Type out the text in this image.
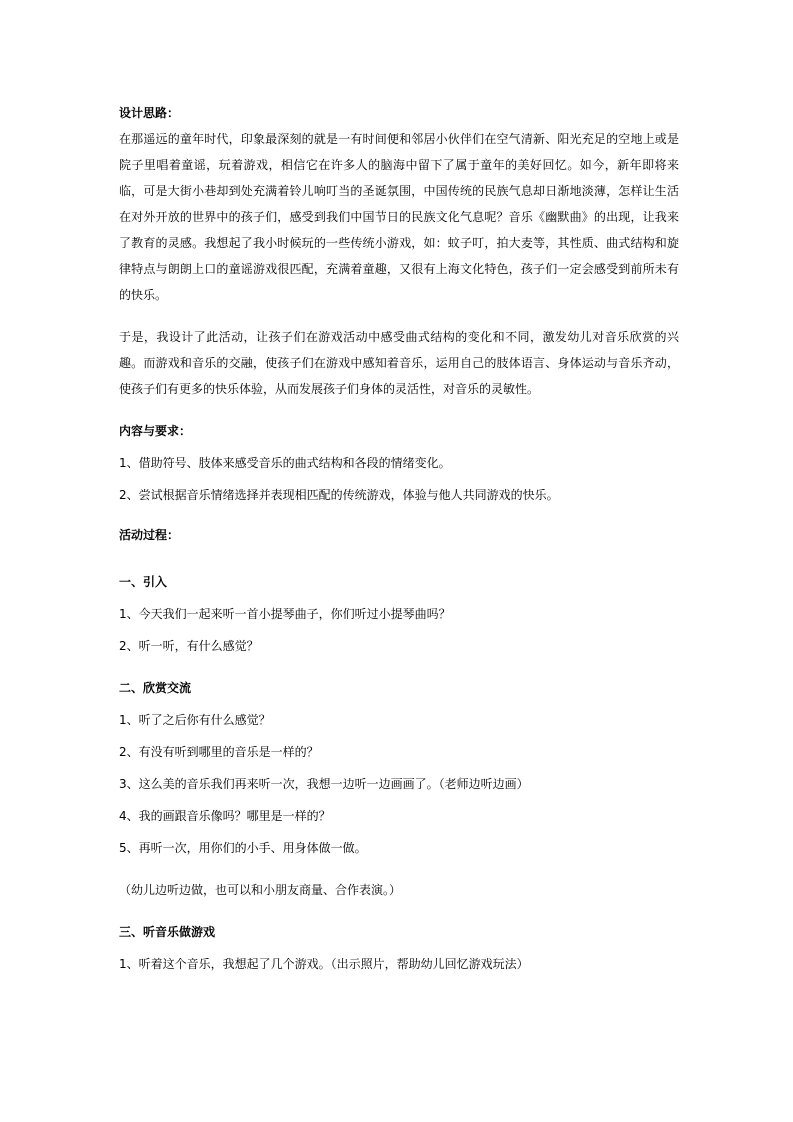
设计思路：
在那遥远的童年时代，印象最深刻的就是一有时间便和邻居小伙伴们在空气清新、阳光充足的空地上或是院子里唱着童谣，玩着游戏，相信它在许多人的脑海中留下了属于童年的美好回忆。如今，新年即将来临，可是大街小巷却到处充满着铃儿响叮当的圣诞氛围，中国传统的民族气息却日渐地淡薄，怎样让生活在对外开放的世界中的孩子们，感受到我们中国节日的民族文化气息呢？音乐《幽默曲》的出现，让我来了教育的灵感。我想起了我小时候玩的一些传统小游戏，如：蚊子叮，拍大麦等，其性质、曲式结构和旋律特点与朗朗上口的童谣游戏很匹配，充满着童趣，又很有上海文化特色，孩子们一定会感受到前所未有的快乐。
于是，我设计了此活动，让孩子们在游戏活动中感受曲式结构的变化和不同，激发幼儿对音乐欣赏的兴趣。而游戏和音乐的交融，使孩子们在游戏中感知着音乐，运用自己的肢体语言、身体运动与音乐齐动，使孩子们有更多的快乐体验，从而发展孩子们身体的灵活性，对音乐的灵敏性。
内容与要求：
1、借助符号、肢体来感受音乐的曲式结构和各段的情绪变化。
2、尝试根据音乐情绪选择并表现相匹配的传统游戏，体验与他人共同游戏的快乐。
活动过程：
一、引入
1、今天我们一起来听一首小提琴曲子，你们听过小提琴曲吗？
2、听一听，有什么感觉？
二、欣赏交流
1、听了之后你有什么感觉？
2、有没有听到哪里的音乐是一样的？
3、这么美的音乐我们再来听一次，我想一边听一边画画了。（老师边听边画）
4、我的画跟音乐像吗？哪里是一样的？
5、再听一次，用你们的小手、用身体做一做。
（幼儿边听边做，也可以和小朋友商量、合作表演。）
三、听音乐做游戏
1、听着这个音乐，我想起了几个游戏。（出示照片，帮助幼儿回忆游戏玩法）
